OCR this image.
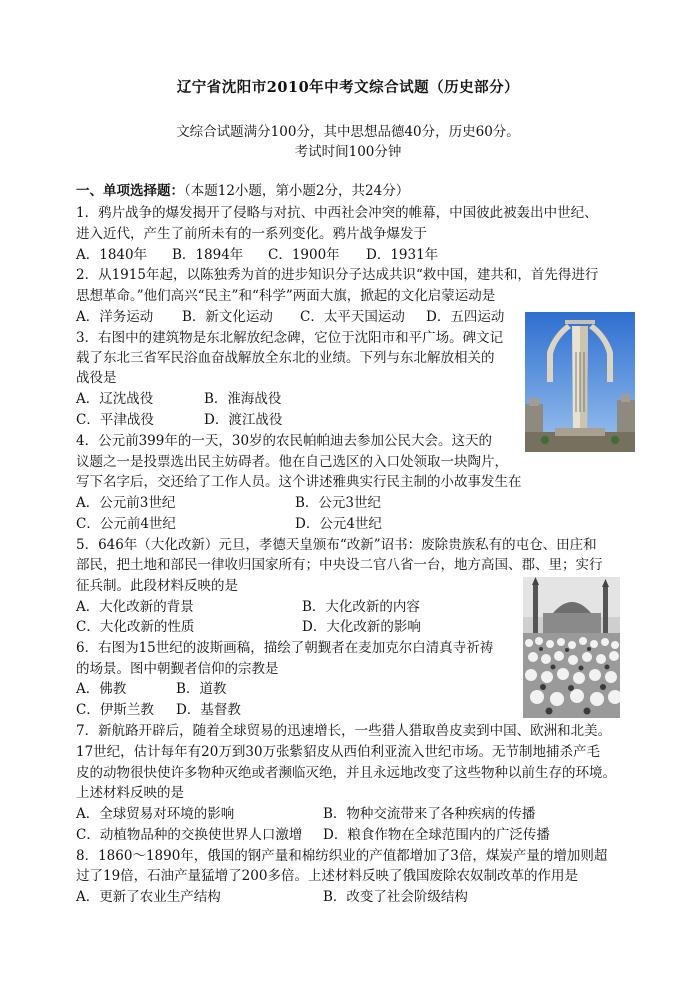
辽宁省沈阳市2010年中考文综合试题（历史部分）
文综合试题满分100分，其中思想品德40分，历史60分。
考试时间100分钟
一、单项选择题：（本题12小题，第小题2分，共24分）
1．鸦片战争的爆发揭开了侵略与对抗、中西社会冲突的帷幕，中国彼此被轰出中世纪、
进入近代，产生了前所未有的一系列变化。鸦片战争爆发于
A．1840年 B．1894年 C．1900年 D．1931年
2．从1915年起，以陈独秀为首的进步知识分子达成共识“救中国，建共和，首先得进行
思想革命。”他们高兴“民主”和“科学”两面大旗，掀起的文化启蒙运动是
A．洋务运动 B．新文化运动 C．太平天国运动 D．五四运动
3．右图中的建筑物是东北解放纪念碑，它位于沈阳市和平广场。碑文记
载了东北三省军民浴血奋战解放全东北的业绩。下列与东北解放相关的
战役是
A．辽沈战役	B．淮海战役
C．平津战役	D．渡江战役
4．公元前399年的一天，30岁的农民帕帕迪去参加公民大会。这天的
议题之一是投票选出民主妨碍者。他在自己选区的入口处领取一块陶片，
写下名字后，交还给了工作人员。这个讲述雅典实行民主制的小故事发生在
A．公元前3世纪	B．公元3世纪
C．公元前4世纪	D．公元4世纪
5．646年（大化改新）元旦，孝德天皇颁布“改新”诏书：废除贵族私有的屯仓、田庄和
部民，把土地和部民一律收归国家所有；中央设二官八省一台，地方高国、郡、里；实行
征兵制。此段材料反映的是
A．大化改新的背景	B．大化改新的内容
C．大化改新的性质	D．大化改新的影响
6．右图为15世纪的波斯画稿，描绘了朝觐者在麦加克尔白清真寺祈祷
的场景。图中朝觐者信仰的宗教是
A．佛教	B．道教
C．伊斯兰教 D．基督教
7．新航路开辟后，随着全球贸易的迅速增长，一些猎人猎取兽皮卖到中国、欧洲和北美。
17世纪，估计每年有20万到30万张紫貂皮从西伯利亚流入世纪市场。无节制地捕杀产毛
皮的动物很快使许多物种灭绝或者濒临灭绝，并且永远地改变了这些物种以前生存的环境。
上述材料反映的是
A．全球贸易对环境的影响	B．物种交流带来了各种疾病的传播
C．动植物品种的交换使世界人口激增 D．粮食作物在全球范围内的广泛传播
8．1860～1890年，俄国的钢产量和棉纺织业的产值都增加了3倍，煤炭产量的增加则超
过了19倍，石油产量猛增了200多倍。上述材料反映了俄国废除农奴制改革的作用是
A．更新了农业生产结构	B．改变了社会阶级结构
